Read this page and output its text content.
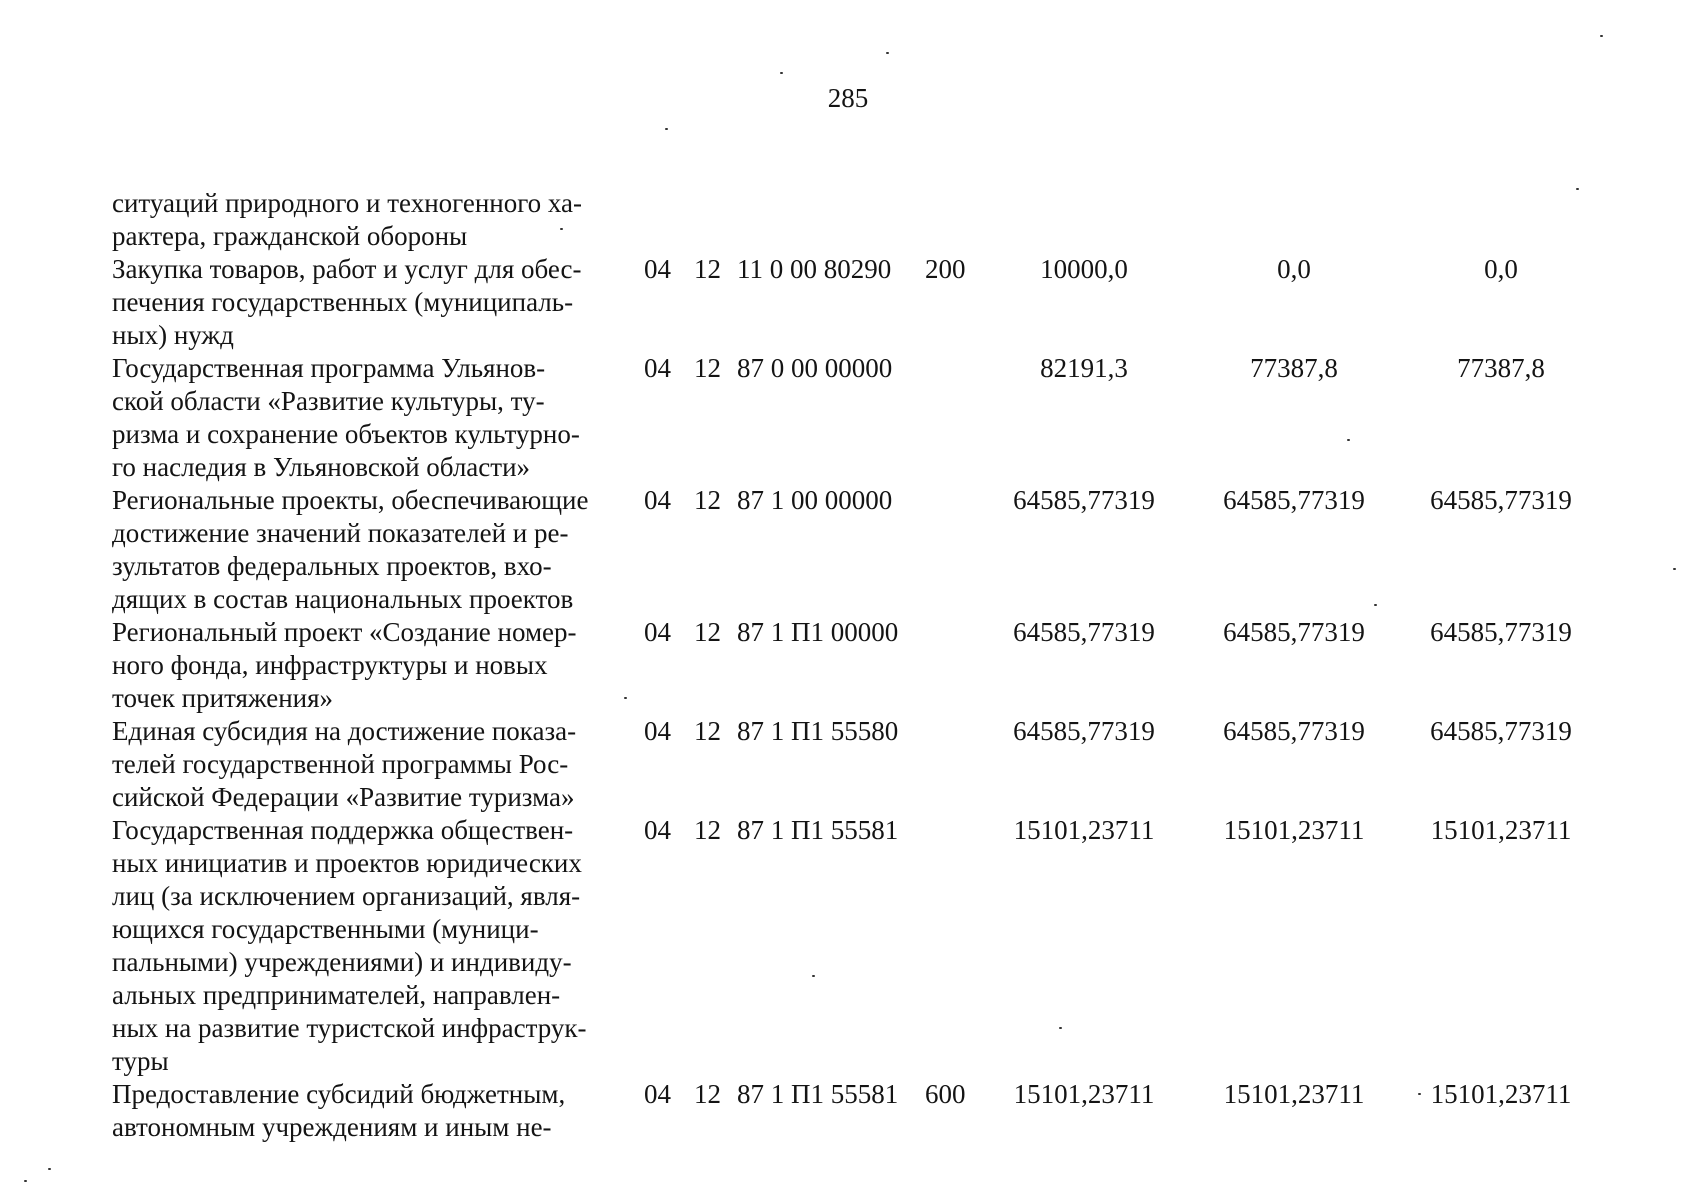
285
ситуаций природного и техногенного ха-
рактера, гражданской обороны
Закупка товаров, работ и услуг для обес-
печения государственных (муниципаль-
ных) нужд
04 12 11 0 00 80290 200	10000,0	0,0	0,0
Государственная программа Ульянов-
ской области «Развитие культуры, ту-
ризма и сохранение объектов культурно-
го наследия в Ульяновской области»
04 12 87 0 00 00000	82191,3	77387,8	77387,8
Региональные проекты, обеспечивающие
достижение значений показателей и ре-
зультатов федеральных проектов, вхо-
дящих в состав национальных проектов
04 12 87 1 00 00000	64585,77319	64585,77319	64585,77319
Региональный проект «Создание номер-
ного фонда, инфраструктуры и новых
точек притяжения»
04 12 87 1 П1 00000	64585,77319	64585,77319	64585,77319
Единая субсидия на достижение показа-
телей государственной программы Рос-
сийской Федерации «Развитие туризма»
04 12 87 1 П1 55580	64585,77319	64585,77319	64585,77319
Государственная поддержка обществен-
ных инициатив и проектов юридических
лиц (за исключением организаций, явля-
ющихся государственными (муници-
пальными) учреждениями) и индивиду-
альных предпринимателей, направлен-
ных на развитие туристской инфраструк-
туры
04 12 87 1 П1 55581	15101,23711	15101,23711	15101,23711
Предоставление субсидий бюджетным,
автономным учреждениям и иным не-
04 12 87 1 П1 55581 600	15101,23711	15101,23711	15101,23711
